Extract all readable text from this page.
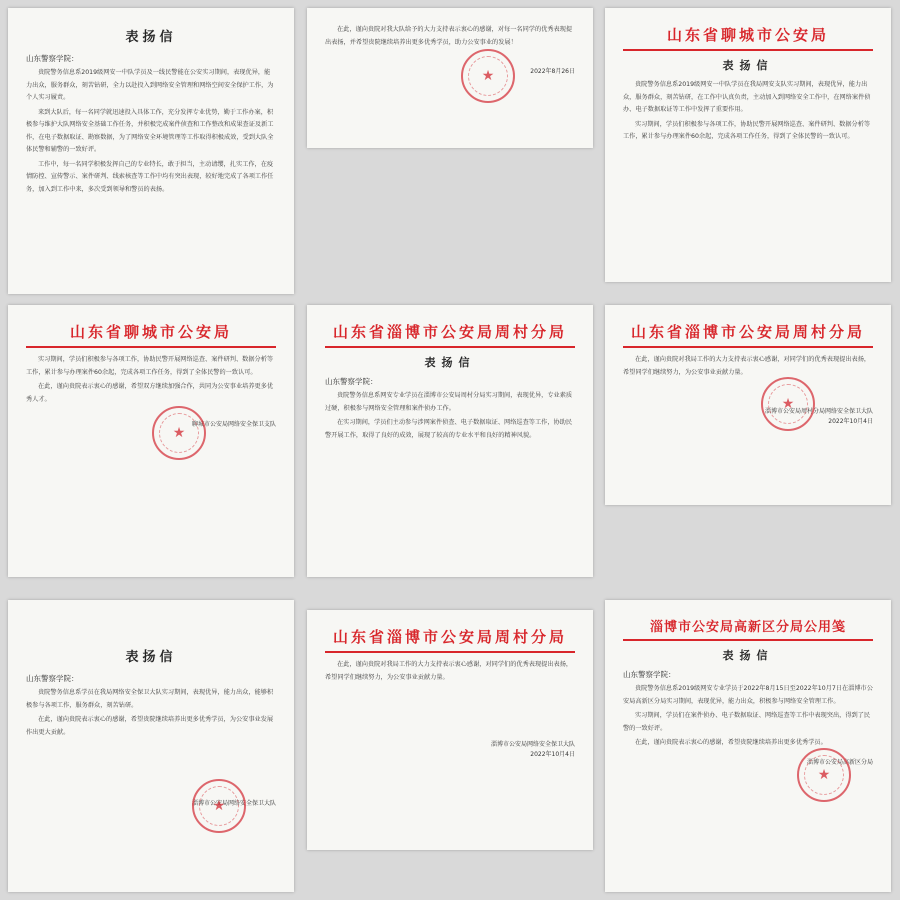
表扬信
山东警察学院：

贵院警务信息系2019级网安一中队学员及一线民警能在公安实习期间，表现优异，能力出众，服务群众，刻苦钻研，全力以赴投入到网络安全管理和网络空间安全保护工作，为个人实习履责。

来到大队后，每一名同学就迅速投入具体工作，充分发挥专业优势，勤于工作办案，积极参与维护大队网络安全基础工作任务，并积极完成案件侦查和工作整改和成果查证及新工作，在电子数据取证、勘察数据，为了网络安全环境管理等工作取得积极成效，受到大队全体民警和辅警的一致好评。

工作中，每一名同学积极发挥自己的专业特长，敢于担当，主动请缨，扎实工作，在疫情防控、宣传警示、案件研判、线索核查等工作中均有突出表现，较好地完成了各项工作任务，加入到工作中来，多次受到领导和警员的表扬。

在此，谨向贵院对我大队给予的大力支持表示衷心的感谢，对每一名同学的优秀表现提出表扬，并希望贵院继续培养出更多优秀学员，助力公安事业的发展！

★
2022年8月26日
山东省聊城市公安局
表扬信

贵院警务信息系2019级网安一中队学员在我局网安支队实习期间，表现优异，能力出众，服务群众，刻苦钻研，在工作中认真负责，主动加入到网络安全工作中，在网络案件侦办、电子数据取证等工作中发挥了重要作用。

实习期间，学员们积极参与各项工作，协助民警开展网络巡查、案件研判、数据分析等工作，累计参与办理案件60余起，完成各项工作任务，得到了全体民警的一致认可。

山东省聊城市公安局

实习期间，学员们积极参与各项工作，协助民警开展网络巡查、案件研判、数据分析等工作，累计参与办理案件60余起，完成各项工作任务，得到了全体民警的一致认可。

在此，谨向贵院表示衷心的感谢，希望双方继续加强合作，共同为公安事业培养更多优秀人才。

★
聊城市公安局网络安全保卫支队
山东省淄博市公安局周村分局
表扬信
山东警察学院：

贵院警务信息系网安专业学员在淄博市公安局周村分局实习期间，表现优异，专业素质过硬，积极参与网络安全管理和案件侦办工作。

在实习期间，学员们主动参与涉网案件侦查、电子数据取证、网络巡查等工作，协助民警开展工作，取得了良好的成效，展现了较高的专业水平和良好的精神风貌。

山东省淄博市公安局周村分局

在此，谨向贵院对我局工作的大力支持表示衷心感谢，对同学们的优秀表现提出表扬，希望同学们继续努力，为公安事业贡献力量。

★
淄博市公安局周村分局网络安全保卫大队
2022年10月4日
表扬信
山东警察学院：

贵院警务信息系学员在我局网络安全保卫大队实习期间，表现优异，能力出众，能够积极参与各项工作，服务群众，刻苦钻研。

在此，谨向贵院表示衷心的感谢，希望贵院继续培养出更多优秀学员，为公安事业发展作出更大贡献。

★
淄博市公安局网络安全保卫大队
山东省淄博市公安局周村分局

在此，谨向贵院对我局工作的大力支持表示衷心感谢，对同学们的优秀表现提出表扬，希望同学们继续努力，为公安事业贡献力量。

淄博市公安局网络安全保卫大队
2022年10月4日
淄博市公安局高新区分局公用笺
表扬信
山东警察学院：

贵院警务信息系2019级网安专业学员于2022年8月15日至2022年10月7日在淄博市公安局高新区分局实习期间，表现优异，能力出众，积极参与网络安全管理工作。

实习期间，学员们在案件侦办、电子数据取证、网络巡查等工作中表现突出，得到了民警的一致好评。

在此，谨向贵院表示衷心的感谢，希望贵院继续培养出更多优秀学员。

★
淄博市公安局高新区分局
